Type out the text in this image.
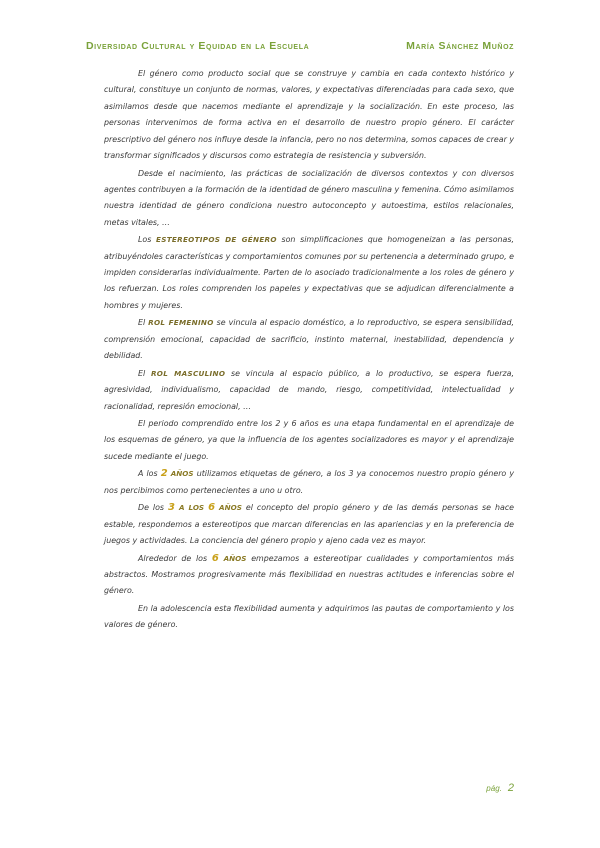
Diversidad Cultural y Equidad en la Escuela	María Sánchez Muñoz

El género como producto social que se construye y cambia en cada contexto histórico y cultural, constituye un conjunto de normas, valores, y expectativas diferenciadas para cada sexo, que asimilamos desde que nacemos mediante el aprendizaje y la socialización. En este proceso, las personas intervenimos de forma activa en el desarrollo de nuestro propio género. El carácter prescriptivo del género nos influye desde la infancia, pero no nos determina, somos capaces de crear y transformar significados y discursos como estrategia de resistencia y subversión.

Desde el nacimiento, las prácticas de socialización de diversos contextos y con diversos agentes contribuyen a la formación de la identidad de género masculina y femenina. Cómo asimilamos nuestra identidad de género condiciona nuestro autoconcepto y autoestima, estilos relacionales, metas vitales, …

Los ESTEREOTIPOS DE GÉNERO son simplificaciones que homogeneizan a las personas, atribuyéndoles características y comportamientos comunes por su pertenencia a determinado grupo, e impiden considerarlas individualmente. Parten de lo asociado tradicionalmente a los roles de género y los refuerzan. Los roles comprenden los papeles y expectativas que se adjudican diferencialmente a hombres y mujeres.

El ROL FEMENINO se vincula al espacio doméstico, a lo reproductivo, se espera sensibilidad, comprensión emocional, capacidad de sacrificio, instinto maternal, inestabilidad, dependencia y debilidad.

El ROL MASCULINO se vincula al espacio público, a lo productivo, se espera fuerza, agresividad, individualismo, capacidad de mando, riesgo, competitividad, intelectualidad y racionalidad, represión emocional, …

El periodo comprendido entre los 2 y 6 años es una etapa fundamental en el aprendizaje de los esquemas de género, ya que la influencia de los agentes socializadores es mayor y el aprendizaje sucede mediante el juego.

A los 2 AÑOS utilizamos etiquetas de género, a los 3 ya conocemos nuestro propio género y nos percibimos como pertenecientes a uno u otro.

De los 3 A LOS 6 AÑOS el concepto del propio género y de las demás personas se hace estable, respondemos a estereotipos que marcan diferencias en las apariencias y en la preferencia de juegos y actividades. La conciencia del género propio y ajeno cada vez es mayor.

Alrededor de los 6 AÑOS empezamos a estereotipar cualidades y comportamientos más abstractos. Mostramos progresivamente más flexibilidad en nuestras actitudes e inferencias sobre el género.

En la adolescencia esta flexibilidad aumenta y adquirimos las pautas de comportamiento y los valores de género.

pág. 2
